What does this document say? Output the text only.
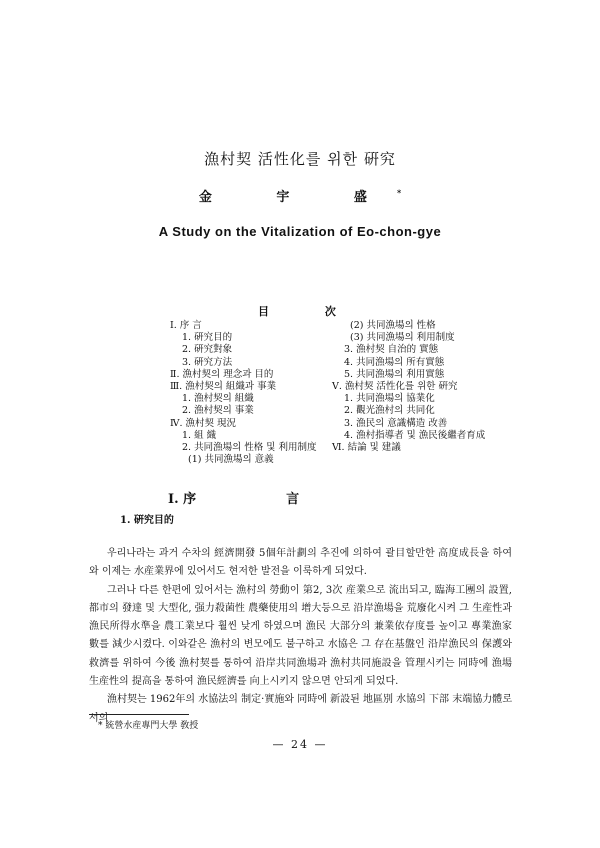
漁村契 活性化를 위한 硏究
金 宇 盛*
A Study on the Vitalization of Eo-chon-gye
目 次
Ⅰ. 序 言
1. 硏究目的
2. 硏究對象
3. 硏究方法
Ⅱ. 漁村契의 理念과 目的
Ⅲ. 漁村契의 組織과 事業
1. 漁村契의 組織
2. 漁村契의 事業
Ⅳ. 漁村契 現況
1. 組 織
2. 共同漁場의 性格 및 利用制度
(1) 共同漁場의 意義
(2) 共同漁場의 性格
(3) 共同漁場의 利用制度
3. 漁村契 自治的 實態
4. 共同漁場의 所有實態
5. 共同漁場의 利用實態
Ⅴ. 漁村契 活性化를 위한 硏究
1. 共同漁場의 協業化
2. 觀光漁村의 共同化
3. 漁民의 意識構造 改善
4. 漁村指導者 및 漁民後繼者育成
Ⅵ. 結論 및 建議
Ⅰ. 序	言
1. 硏究目的

우리나라는 과거 수차의 經濟開發 5個年計劃의 추진에 의하여 괄目할만한 高度成長을 하여와 이제는 水産業界에 있어서도 현저한 발전을 이룩하게 되었다.

그러나 다른 한편에 있어서는 漁村의 勞動이 第2, 3次 産業으로 流出되고, 臨海工團의 設置, 都市의 發達 및 大型化, 强力殺菌性 農藥使用의 增大등으로 沿岸漁場을 荒廢化시켜 그 生産性과 漁民所得水準을 農工業보다 훨씬 낮게 하였으며 漁民 大部分의 兼業依存度를 높이고 專業漁家數를 減少시켰다. 이와같은 漁村의 변모에도 불구하고 水協은 그 存在基盤인 沿岸漁民의 保護와 救濟를 위하여 今後 漁村契를 통하여 沿岸共同漁場과 漁村共同施設을 管理시키는 同時에 漁場生産性의 提高을 통하여 漁民經濟를 向上시키지 않으면 안되게 되었다.

漁村契는 1962年의 水協法의 制定·實施와 同時에 新設된 地區別 水協의 下部 末端協力體로서의

* 統營水産專門大學 敎授
— 24 —
